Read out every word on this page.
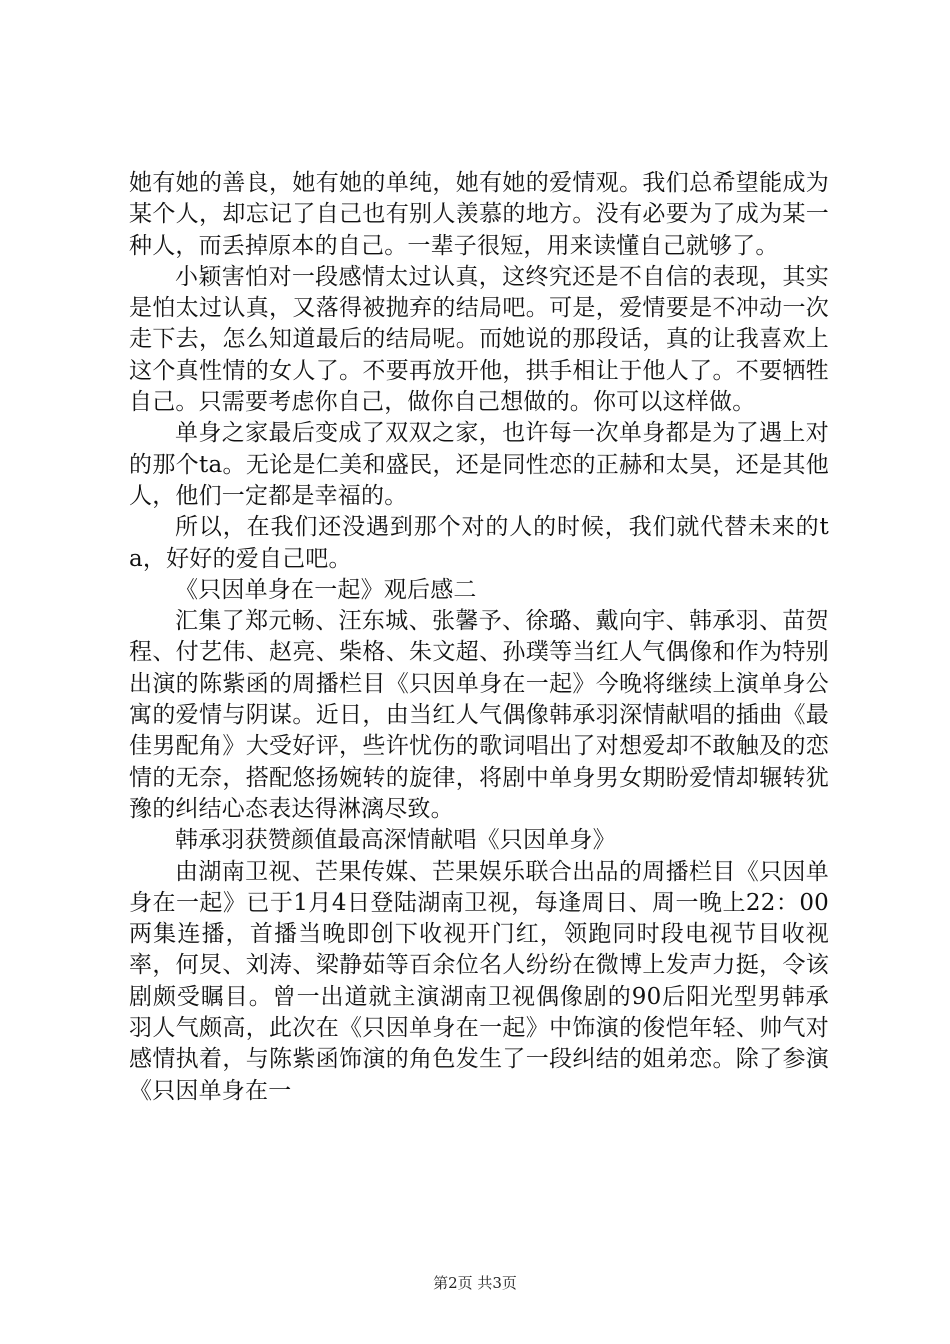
她有她的善良，她有她的单纯，她有她的爱情观。我们总希望能成为某个人，却忘记了自己也有别人羡慕的地方。没有必要为了成为某一种人，而丢掉原本的自己。一辈子很短，用来读懂自己就够了。

小颖害怕对一段感情太过认真，这终究还是不自信的表现，其实是怕太过认真，又落得被抛弃的结局吧。可是，爱情要是不冲动一次走下去，怎么知道最后的结局呢。而她说的那段话，真的让我喜欢上这个真性情的女人了。不要再放开他，拱手相让于他人了。不要牺牲自己。只需要考虑你自己，做你自己想做的。你可以这样做。

单身之家最后变成了双双之家，也许每一次单身都是为了遇上对的那个ta。无论是仁美和盛民，还是同性恋的正赫和太昊，还是其他人，他们一定都是幸福的。

所以，在我们还没遇到那个对的人的时候，我们就代替未来的ta，好好的爱自己吧。

《只因单身在一起》观后感二

汇集了郑元畅、汪东城、张馨予、徐璐、戴向宇、韩承羽、苗贺程、付艺伟、赵亮、柴格、朱文超、孙璞等当红人气偶像和作为特别出演的陈紫函的周播栏目《只因单身在一起》今晚将继续上演单身公寓的爱情与阴谋。近日，由当红人气偶像韩承羽深情献唱的插曲《最佳男配角》大受好评，些许忧伤的歌词唱出了对想爱却不敢触及的恋情的无奈，搭配悠扬婉转的旋律，将剧中单身男女期盼爱情却辗转犹豫的纠结心态表达得淋漓尽致。

韩承羽获赞颜值最高深情献唱《只因单身》

由湖南卫视、芒果传媒、芒果娱乐联合出品的周播栏目《只因单身在一起》已于1月4日登陆湖南卫视，每逢周日、周一晚上22：00两集连播，首播当晚即创下收视开门红，领跑同时段电视节目收视率，何炅、刘涛、梁静茹等百余位名人纷纷在微博上发声力挺，令该剧颇受瞩目。曾一出道就主演湖南卫视偶像剧的90后阳光型男韩承羽人气颇高，此次在《只因单身在一起》中饰演的俊恺年轻、帅气对感情执着，与陈紫函饰演的角色发生了一段纠结的姐弟恋。除了参演《只因单身在一

第2页 共3页
